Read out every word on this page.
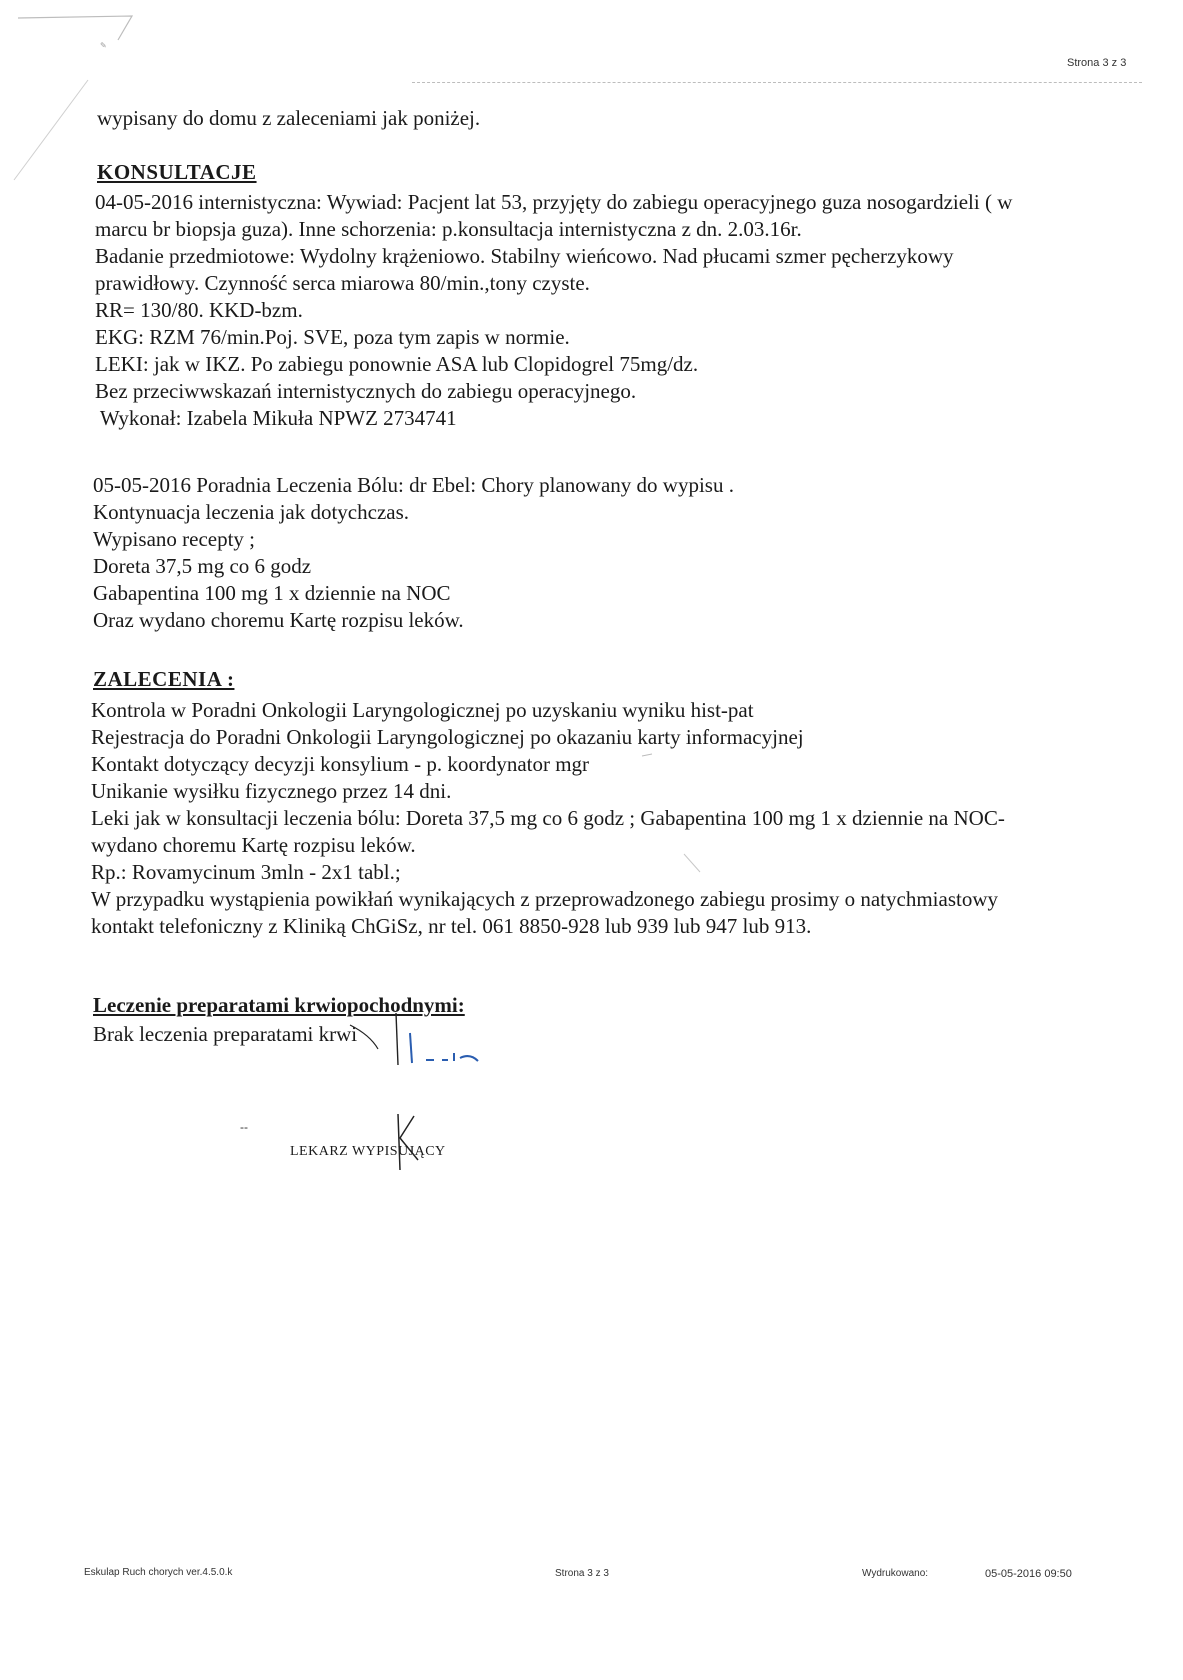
✎
Strona 3 z 3
wypisany do domu z zaleceniami jak poniżej.
KONSULTACJE
04-05-2016 internistyczna: Wywiad: Pacjent lat 53, przyjęty do zabiegu operacyjnego guza nosogardzieli ( w
marcu br biopsja guza). Inne schorzenia: p.konsultacja internistyczna z dn. 2.03.16r.
Badanie przedmiotowe: Wydolny krążeniowo. Stabilny wieńcowo. Nad płucami szmer pęcherzykowy
prawidłowy. Czynność serca miarowa 80/min.,tony czyste.
RR= 130/80. KKD-bzm.
EKG: RZM 76/min.Poj. SVE, poza tym zapis w normie.
LEKI: jak w IKZ. Po zabiegu ponownie ASA lub Clopidogrel 75mg/dz.
Bez przeciwwskazań internistycznych do zabiegu operacyjnego.
Wykonał: Izabela Mikuła NPWZ 2734741
05-05-2016 Poradnia Leczenia Bólu: dr Ebel: Chory planowany do wypisu .
Kontynuacja leczenia jak dotychczas.
Wypisano recepty ;
Doreta 37,5 mg co 6 godz
Gabapentina 100 mg 1 x dziennie na NOC
Oraz wydano choremu Kartę rozpisu leków.
ZALECENIA :
Kontrola w Poradni Onkologii Laryngologicznej po uzyskaniu wyniku hist-pat
Rejestracja do Poradni Onkologii Laryngologicznej po okazaniu karty informacyjnej
Kontakt dotyczący decyzji konsylium - p. koordynator mgr
Unikanie wysiłku fizycznego przez 14 dni.
Leki jak w konsultacji leczenia bólu: Doreta 37,5 mg co 6 godz ; Gabapentina 100 mg 1 x dziennie na NOC-
wydano choremu Kartę rozpisu leków.
Rp.: Rovamycinum 3mln - 2x1 tabl.;
W przypadku wystąpienia powikłań wynikających z przeprowadzonego zabiegu prosimy o natychmiastowy
kontakt telefoniczny z Kliniką ChGiSz, nr tel. 061 8850-928 lub 939 lub 947 lub 913.
Leczenie preparatami krwiopochodnymi:
Brak leczenia preparatami krwi
--
LEKARZ WYPISUJĄCY
Eskulap Ruch chorych ver.4.5.0.k	Strona 3 z 3	Wydrukowano:	05-05-2016 09:50
